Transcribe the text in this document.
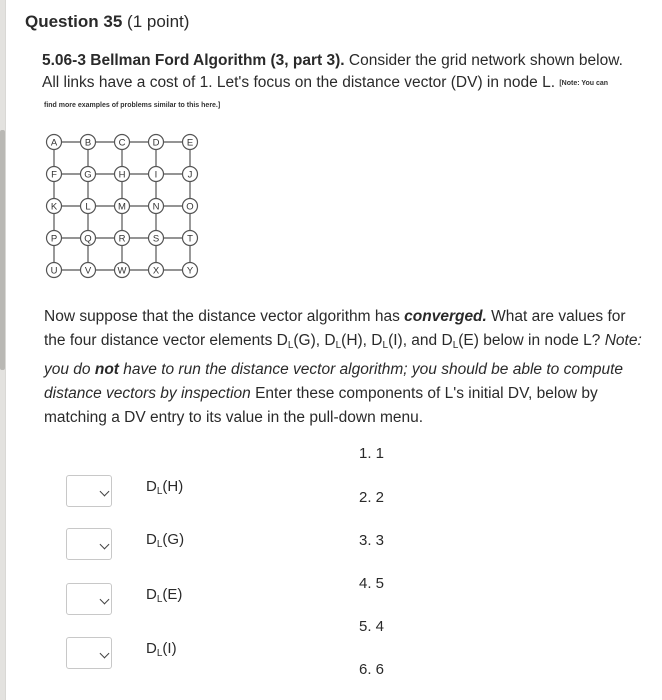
Question 35 (1 point)
5.06-3 Bellman Ford Algorithm (3, part 3). Consider the grid network shown below. All links have a cost of 1. Let's focus on the distance vector (DV) in node L. [Note: You can
find more examples of problems similar to this here.]
A	B	C	D	E
F	G	H	I	J
K	L	M	N	O
P	Q	R	S	T
U	V	W	X	Y
Now suppose that the distance vector algorithm has converged. What are values for the four distance vector elements $D_L(G)$, $D_L(H)$, $D_L(I)$, and $D_L(E)$ below in node L? Note: you do not have to run the distance vector algorithm; you should be able to compute distance vectors by inspection Enter these components of L's initial DV, below by matching a DV entry to its value in the pull-down menu.
$D_L(H)$
$D_L(G)$
$D_L(E)$
$D_L(I)$
1. 1
2. 2
3. 3
4. 5
5. 4
6. 6
